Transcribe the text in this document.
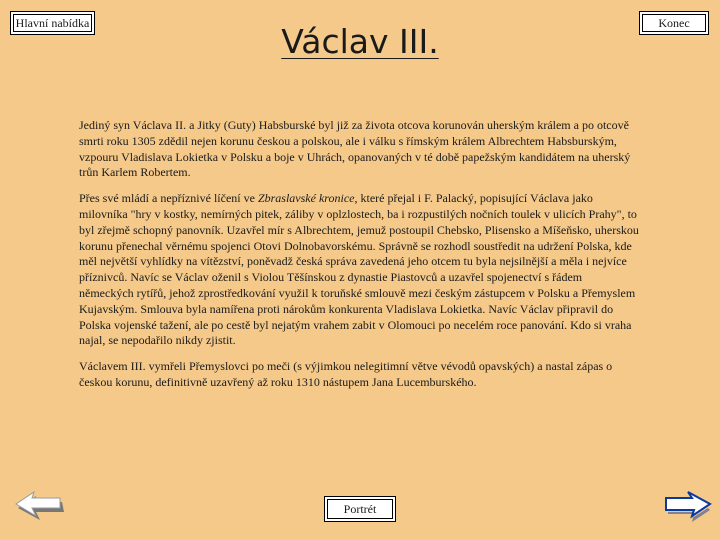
Hlavní nabídka	Konec
Václav III.

Jediný syn Václava II. a Jitky (Guty) Habsburské byl již za života otcova korunován uherským králem a po otcově smrti roku 1305 zdědil nejen korunu českou a polskou, ale i válku s římským králem Albrechtem Habsburským, vzpouru Vladislava Lokietka v Polsku a boje v Uhrách, opanovaných v té době papežským kandidátem na uherský trůn Karlem Robertem.

Přes své mládí a nepříznivé líčení ve Zbraslavské kronice, které přejal i F. Palacký, popisující Václava jako milovníka "hry v kostky, nemírných pitek, záliby v oplzlostech, ba i rozpustilých nočních toulek v ulicích Prahy", to byl zřejmě schopný panovník. Uzavřel mír s Albrechtem, jemuž postoupil Chebsko, Plisensko a Míšeňsko, uherskou korunu přenechal věrnému spojenci Otovi Dolnobavorskému. Správně se rozhodl soustředit na udržení Polska, kde měl největší vyhlídky na vítězství, poněvadž česká správa zavedená jeho otcem tu byla nejsilnější a měla i nejvíce příznivců. Navíc se Václav oženil s Violou Těšínskou z dynastie Piastovců a uzavřel spojenectví s řádem německých rytířů, jehož zprostředkování využil k toruňské smlouvě mezi českým zástupcem v Polsku a Přemyslem Kujavským. Smlouva byla namířena proti nárokům konkurenta Vladislava Lokietka. Navíc Václav připravil do Polska vojenské tažení, ale po cestě byl nejatým vrahem zabit v Olomouci po necelém roce panování. Kdo si vraha najal, se nepodařilo nikdy zjistit.

Václavem III. vymřeli Přemyslovci po meči (s výjimkou nelegitimní větve vévodů opavských) a nastal zápas o českou korunu, definitivně uzavřený až roku 1310 nástupem Jana Lucemburského.

Portrét
